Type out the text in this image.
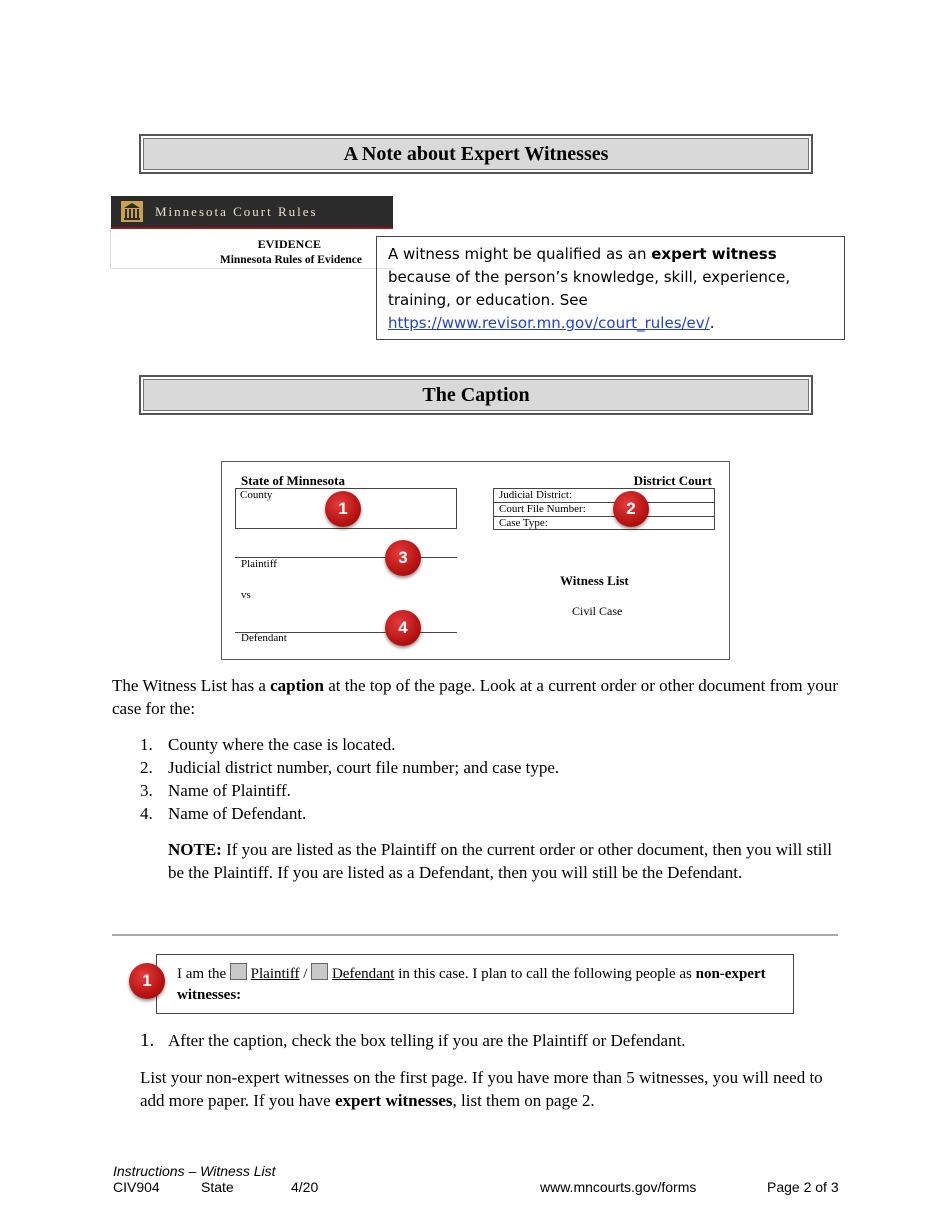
A Note about Expert Witnesses
Minnesota Court Rules
EVIDENCE
Minnesota Rules of Evidence	A witness might be qualified as an expert witness because of the person’s knowledge, skill, experience, training, or education. See https://www.revisor.mn.gov/court_rules/ev/.
The Caption
State of Minnesota	District Court
County	Judicial District:
Court File Number:
Case Type:
Plaintiff
vs
Defendant
Witness List
Civil Case
1	2
3
4
The Witness List has a caption at the top of the page. Look at a current order or other document from your case for the:
1. County where the case is located.
2. Judicial district number, court file number; and case type.
3. Name of Plaintiff.
4. Name of Defendant.
NOTE: If you are listed as the Plaintiff on the current order or other document, then you will still be the Plaintiff. If you are listed as a Defendant, then you will still be the Defendant.
I am the  Plaintiff /  Defendant in this case. I plan to call the following people as non-expert witnesses:
1
1. After the caption, check the box telling if you are the Plaintiff or Defendant.
List your non-expert witnesses on the first page. If you have more than 5 witnesses, you will need to add more paper. If you have expert witnesses, list them on page 2.
Instructions – Witness List
CIV904	State	4/20	www.mncourts.gov/forms	Page 2 of 3
